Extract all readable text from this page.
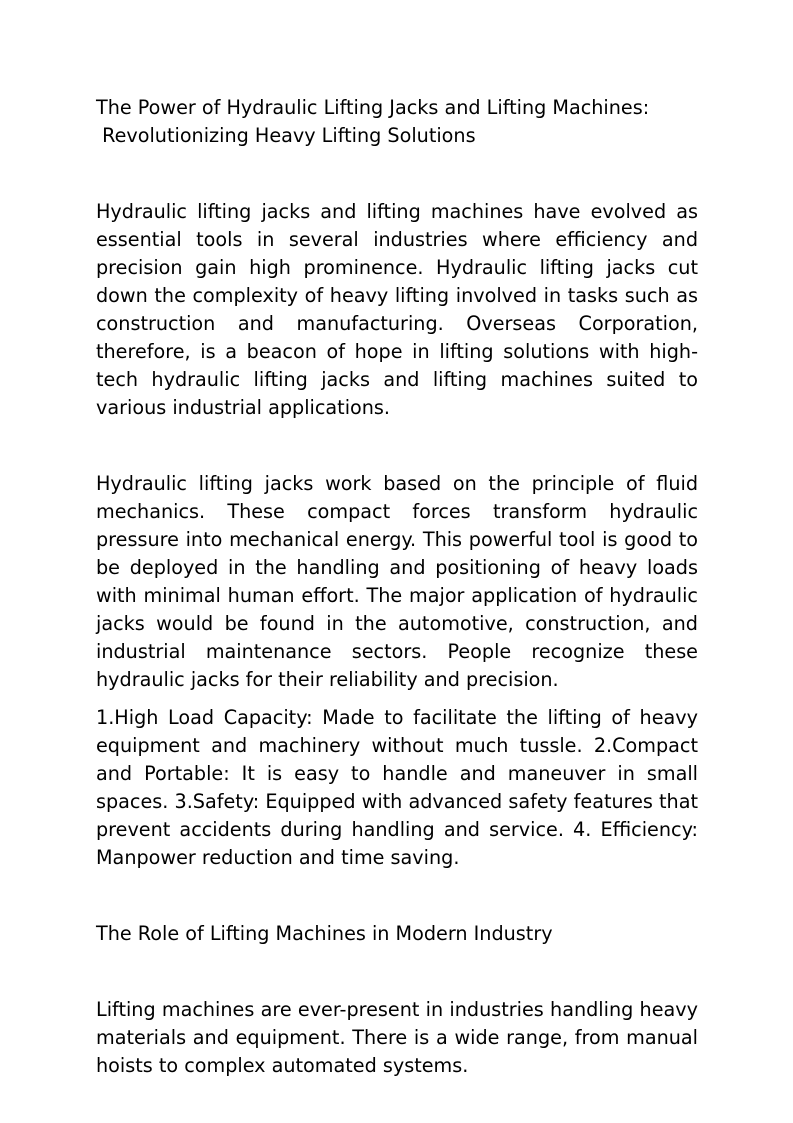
The Power of Hydraulic Lifting Jacks and Lifting Machines:
Revolutionizing Heavy Lifting Solutions

Hydraulic lifting jacks and lifting machines have evolved as essential tools in several industries where efficiency and precision gain high prominence. Hydraulic lifting jacks cut down the complexity of heavy lifting involved in tasks such as construction and manufacturing. Overseas Corporation, therefore, is a beacon of hope in lifting solutions with high-tech hydraulic lifting jacks and lifting machines suited to various industrial applications.

Hydraulic lifting jacks work based on the principle of fluid mechanics. These compact forces transform hydraulic pressure into mechanical energy. This powerful tool is good to be deployed in the handling and positioning of heavy loads with minimal human effort. The major application of hydraulic jacks would be found in the automotive, construction, and industrial maintenance sectors. People recognize these hydraulic jacks for their reliability and precision.

1.High Load Capacity: Made to facilitate the lifting of heavy equipment and machinery without much tussle. 2.Compact and Portable: It is easy to handle and maneuver in small spaces. 3.Safety: Equipped with advanced safety features that prevent accidents during handling and service. 4. Efficiency: Manpower reduction and time saving.

The Role of Lifting Machines in Modern Industry

Lifting machines are ever-present in industries handling heavy materials and equipment. There is a wide range, from manual hoists to complex automated systems.
